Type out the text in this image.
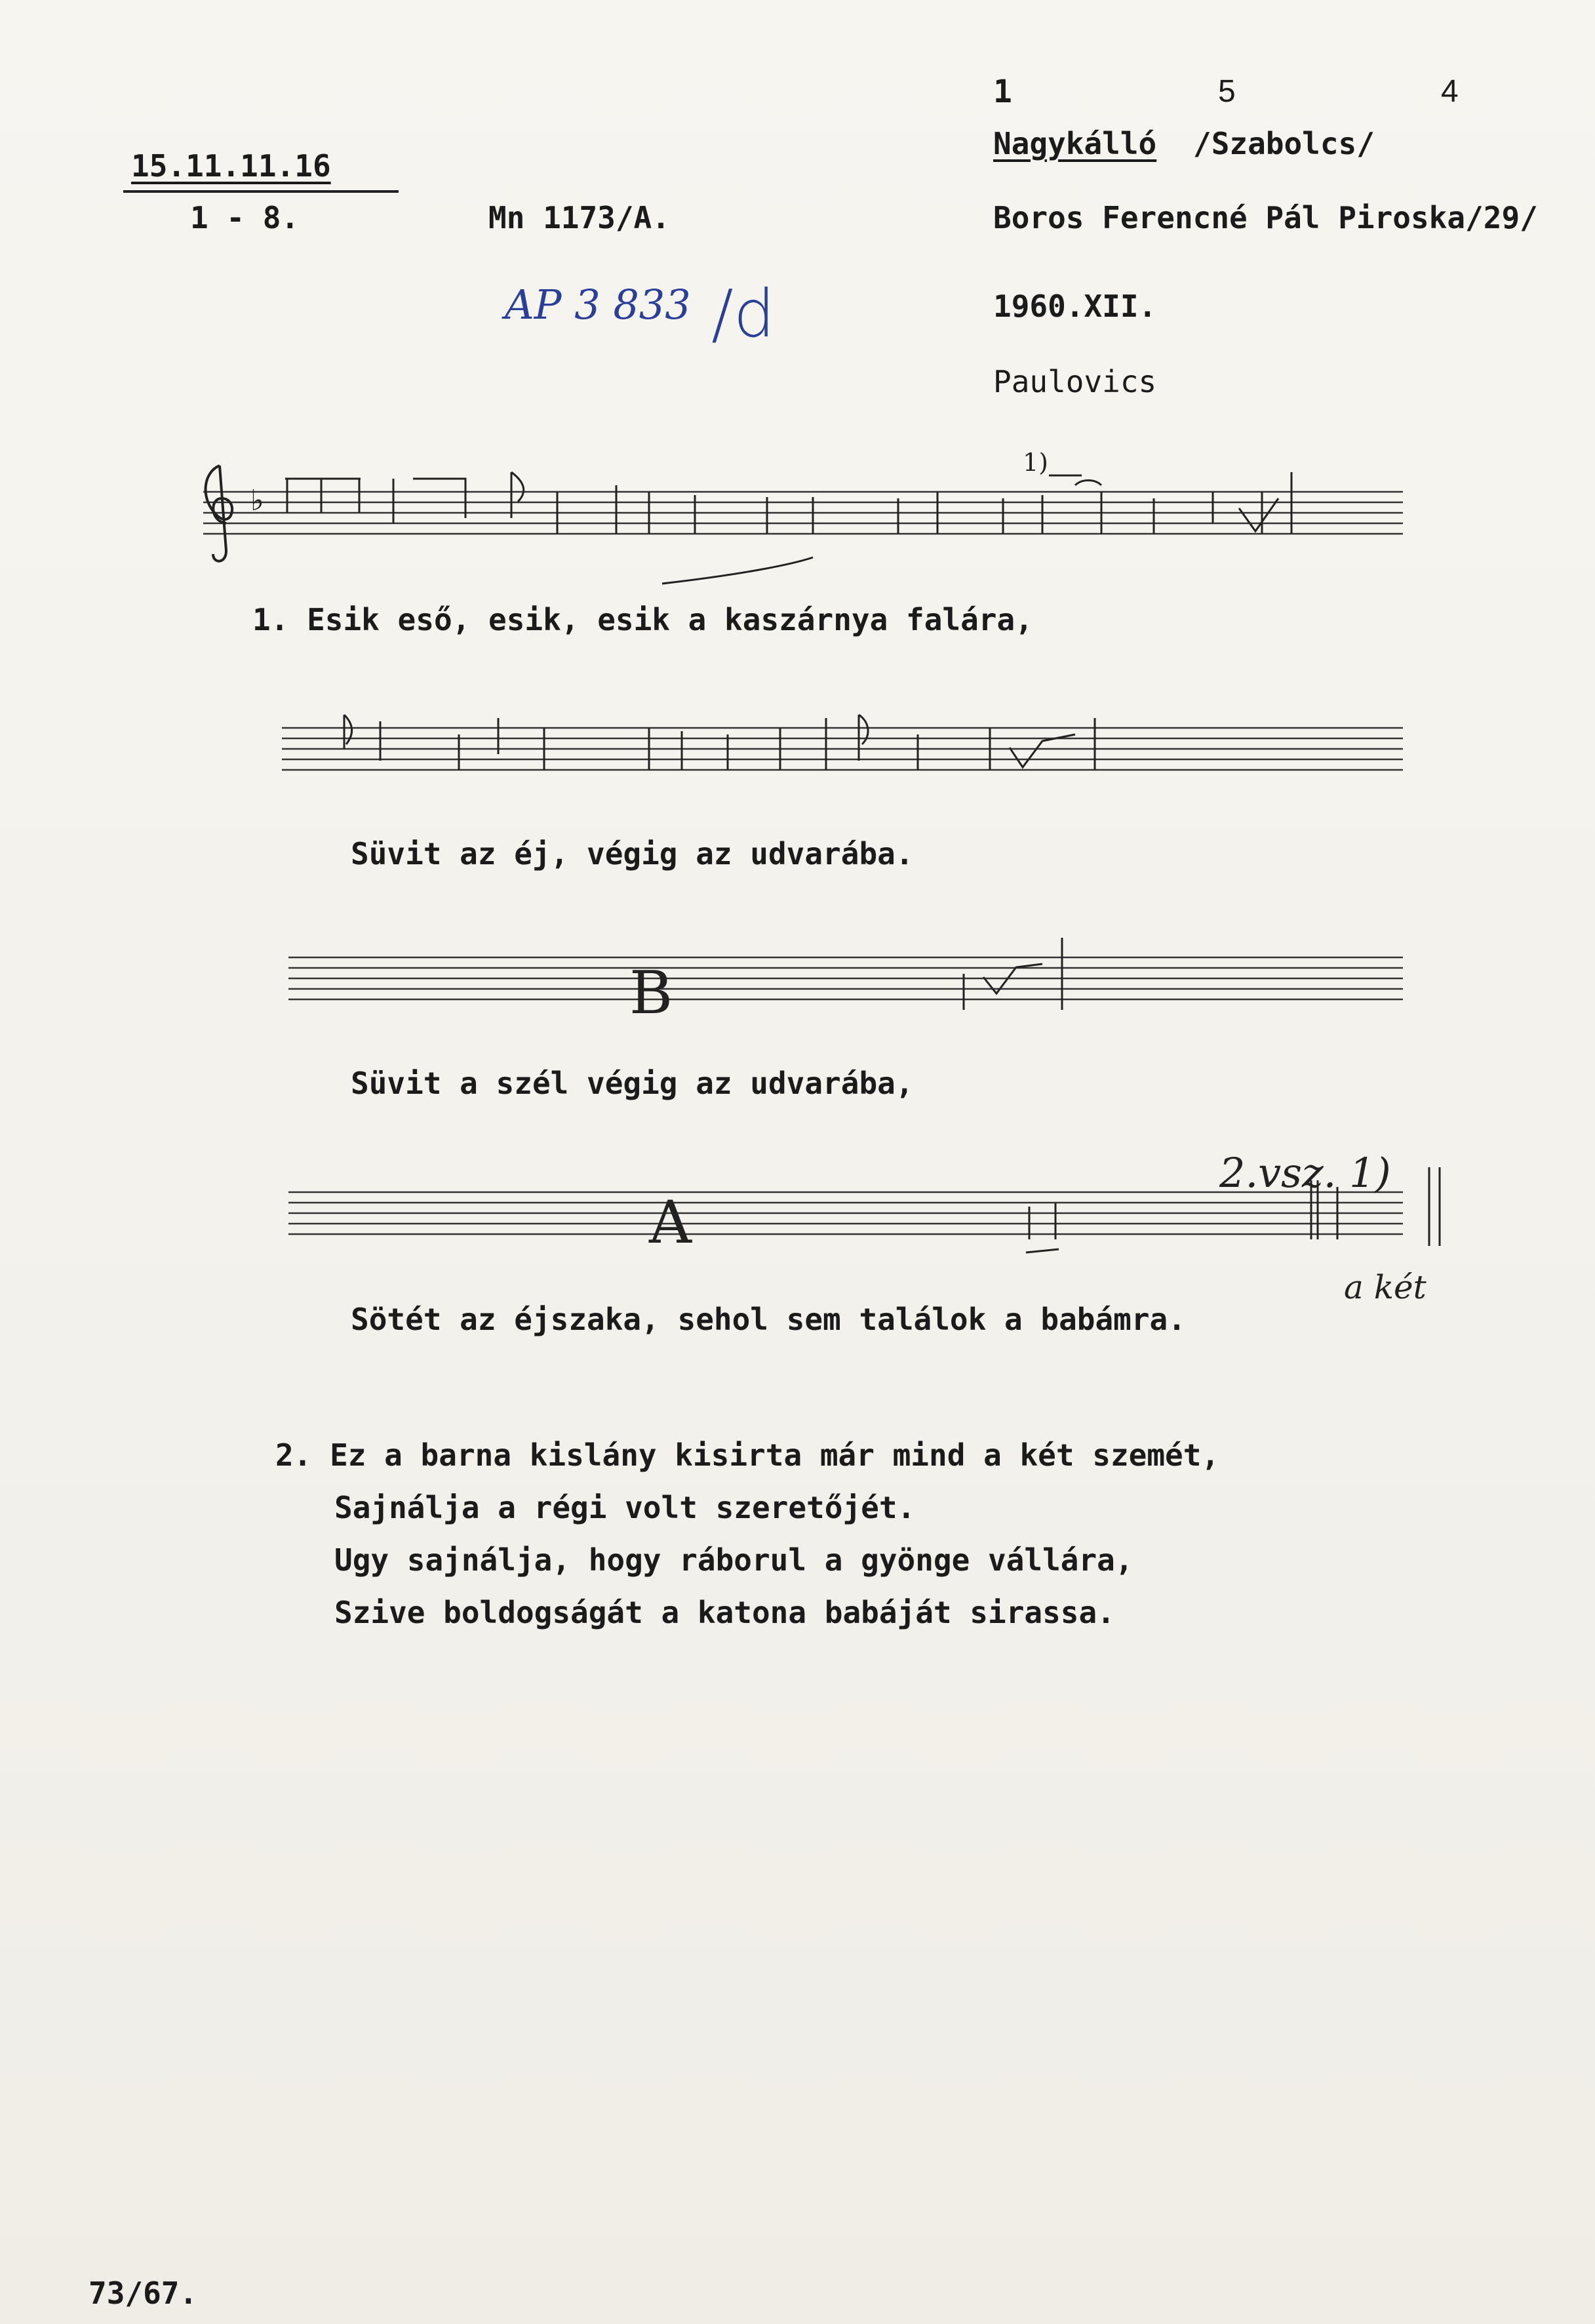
1	5	4
15.11.11.16
1 - 8.	Mn 1173/A.
AP 3 833 /d
Nagykálló /Szabolcs/
Boros Ferencné Pál Piroska/29/
1960.XII.
Paulovics
♭
1)
1. Esik eső, esik, esik a kaszárnya falára,
Süvit az éj, végig az udvarába.
B
Süvit a szél végig az udvarába,
A
2.vsz. 1)
a két
Sötét az éjszaka, sehol sem találok a babámra.
2. Ez a barna kislány kisirta már mind a két szemét,
Sajnálja a régi volt szeretőjét.
Ugy sajnálja, hogy ráborul a gyönge vállára,
Szive boldogságát a katona babáját sirassa.
73/67.
